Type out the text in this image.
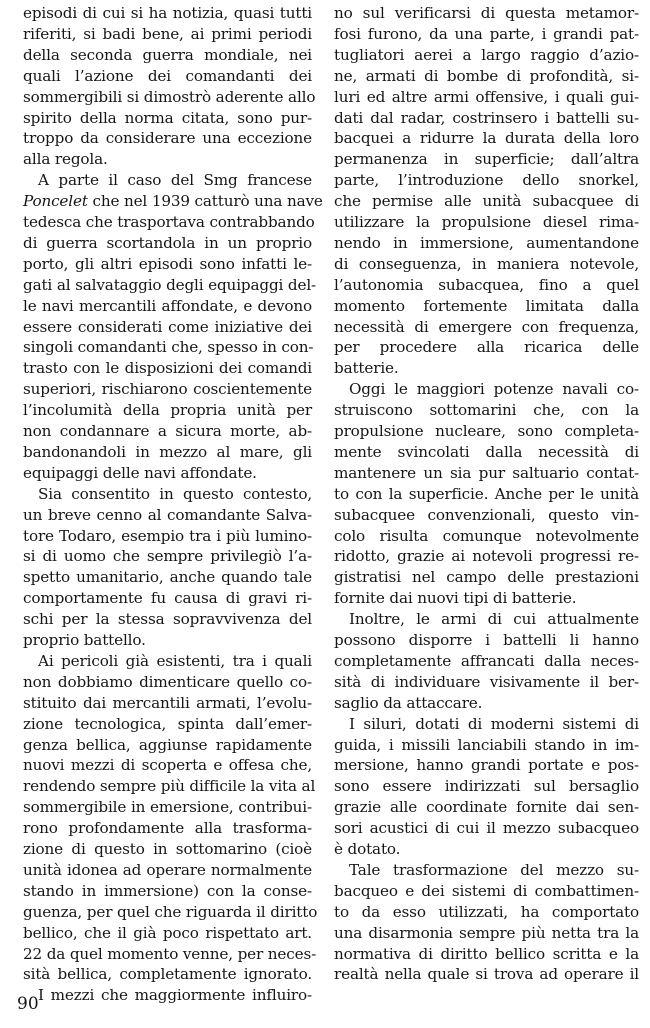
episodi di cui si ha notizia, quasi tutti
riferiti, si badi bene, ai primi periodi
della seconda guerra mondiale, nei
quali l’azione dei comandanti dei
sommergibili si dimostrò aderente allo
spirito della norma citata, sono pur-
troppo da considerare una eccezione
alla regola.
A parte il caso del Smg francese
Poncelet che nel 1939 catturò una nave
tedesca che trasportava contrabbando
di guerra scortandola in un proprio
porto, gli altri episodi sono infatti le-
gati al salvataggio degli equipaggi del-
le navi mercantili affondate, e devono
essere considerati come iniziative dei
singoli comandanti che, spesso in con-
trasto con le disposizioni dei comandi
superiori, rischiarono coscientemente
l’incolumità della propria unità per
non condannare a sicura morte, ab-
bandonandoli in mezzo al mare, gli
equipaggi delle navi affondate.
Sia consentito in questo contesto,
un breve cenno al comandante Salva-
tore Todaro, esempio tra i più lumino-
si di uomo che sempre privilegiò l’a-
spetto umanitario, anche quando tale
comportamente fu causa di gravi ri-
schi per la stessa sopravvivenza del
proprio battello.
Ai pericoli già esistenti, tra i quali
non dobbiamo dimenticare quello co-
stituito dai mercantili armati, l’evolu-
zione tecnologica, spinta dall’emer-
genza bellica, aggiunse rapidamente
nuovi mezzi di scoperta e offesa che,
rendendo sempre più difficile la vita al
sommergibile in emersione, contribui-
rono profondamente alla trasforma-
zione di questo in sottomarino (cioè
unità idonea ad operare normalmente
stando in immersione) con la conse-
guenza, per quel che riguarda il diritto
bellico, che il già poco rispettato art.
22 da quel momento venne, per neces-
sità bellica, completamente ignorato.
I mezzi che maggiormente influiro-
no sul verificarsi di questa metamor-
fosi furono, da una parte, i grandi pat-
tugliatori aerei a largo raggio d’azio-
ne, armati di bombe di profondità, si-
luri ed altre armi offensive, i quali gui-
dati dal radar, costrinsero i battelli su-
bacquei a ridurre la durata della loro
permanenza in superficie; dall’altra
parte, l’introduzione dello snorkel,
che permise alle unità subacquee di
utilizzare la propulsione diesel rima-
nendo in immersione, aumentandone
di conseguenza, in maniera notevole,
l’autonomia subacquea, fino a quel
momento fortemente limitata dalla
necessità di emergere con frequenza,
per procedere alla ricarica delle
batterie.
Oggi le maggiori potenze navali co-
struiscono sottomarini che, con la
propulsione nucleare, sono completa-
mente svincolati dalla necessità di
mantenere un sia pur saltuario contat-
to con la superficie. Anche per le unità
subacquee convenzionali, questo vin-
colo risulta comunque notevolmente
ridotto, grazie ai notevoli progressi re-
gistratisi nel campo delle prestazioni
fornite dai nuovi tipi di batterie.
Inoltre, le armi di cui attualmente
possono disporre i battelli li hanno
completamente affrancati dalla neces-
sità di individuare visivamente il ber-
saglio da attaccare.
I siluri, dotati di moderni sistemi di
guida, i missili lanciabili stando in im-
mersione, hanno grandi portate e pos-
sono essere indirizzati sul bersaglio
grazie alle coordinate fornite dai sen-
sori acustici di cui il mezzo subacqueo
è dotato.
Tale trasformazione del mezzo su-
bacqueo e dei sistemi di combattimen-
to da esso utilizzati, ha comportato
una disarmonia sempre più netta tra la
normativa di diritto bellico scritta e la
realtà nella quale si trova ad operare il
90
